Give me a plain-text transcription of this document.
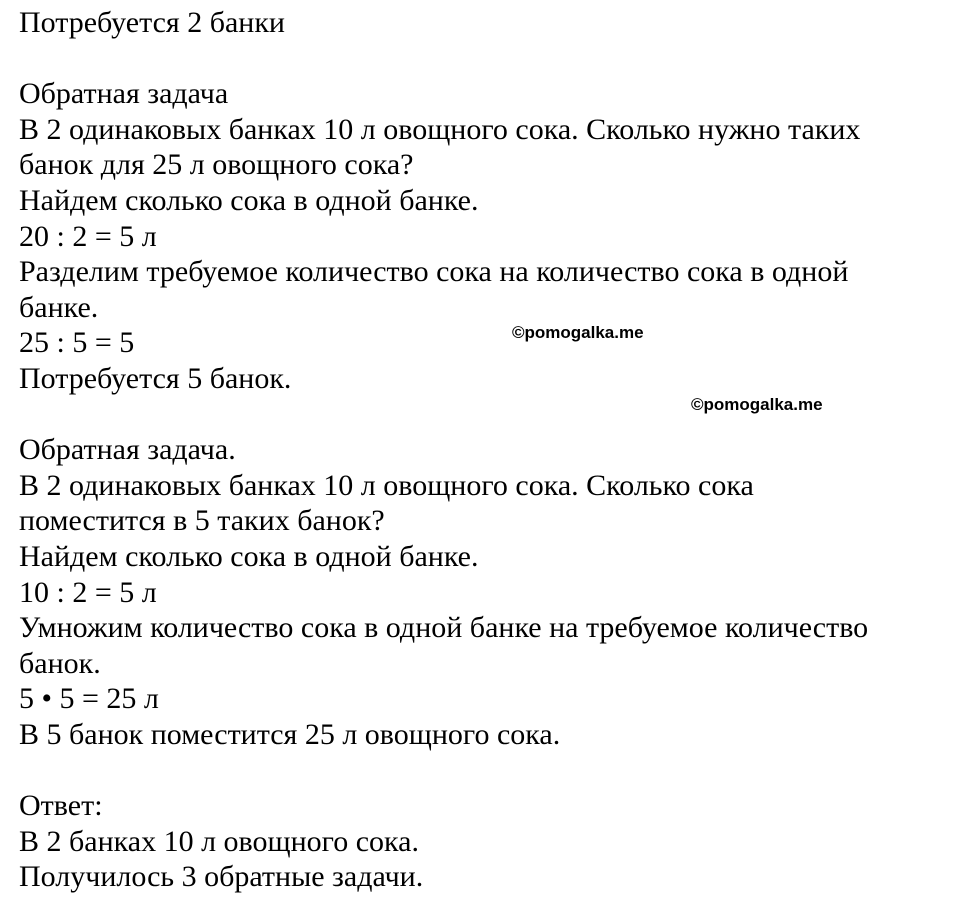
Потребуется 2 банки
Обратная задача
В 2 одинаковых банках 10 л овощного сока. Сколько нужно таких
банок для 25 л овощного сока?
Найдем сколько сока в одной банке.
20 : 2 = 5 л
Разделим требуемое количество сока на количество сока в одной
банке.
25 : 5 = 5
Потребуется 5 банок.
Обратная задача.
В 2 одинаковых банках 10 л овощного сока. Сколько сока
поместится в 5 таких банок?
Найдем сколько сока в одной банке.
10 : 2 = 5 л
Умножим количество сока в одной банке на требуемое количество
банок.
5 • 5 = 25 л
В 5 банок поместится 25 л овощного сока.
Ответ:
В 2 банках 10 л овощного сока.
Получилось 3 обратные задачи.
©pomogalka.me
©pomogalka.me
